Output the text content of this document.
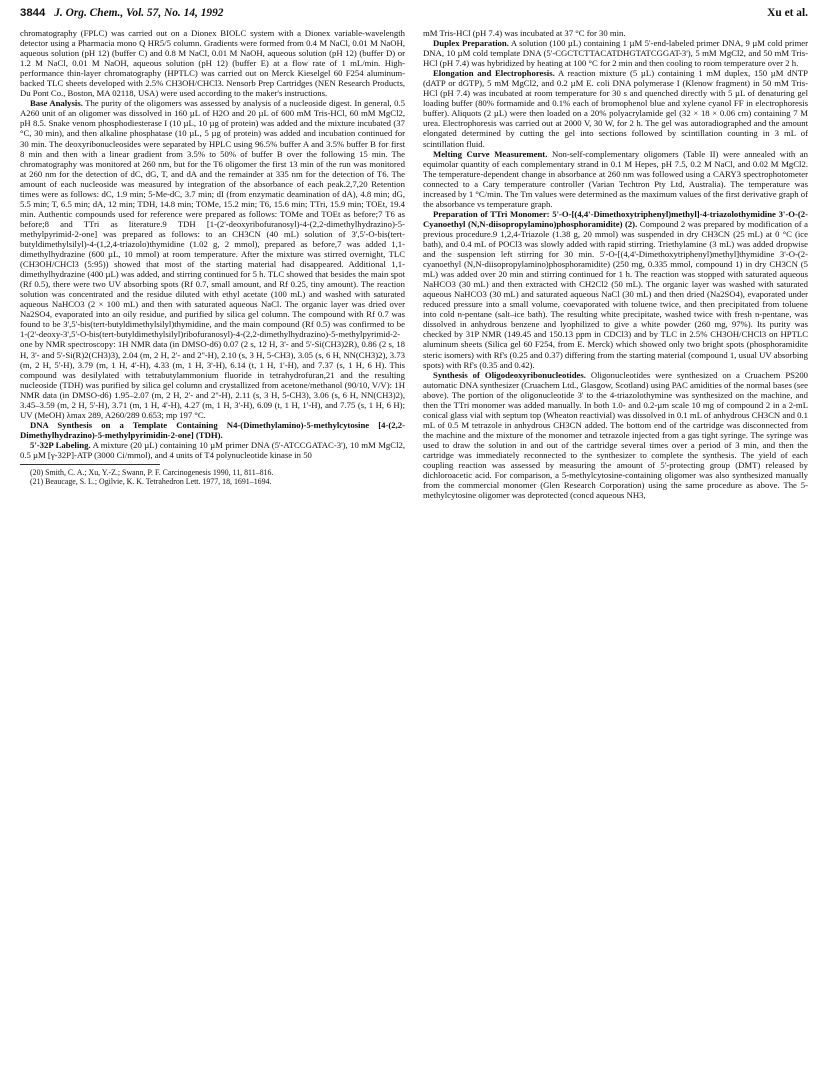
3844 J. Org. Chem., Vol. 57, No. 14, 1992	Xu et al.

chromatography (FPLC) was carried out on a Dionex BIOLC system with a Dionex variable-wavelength detector using a Pharmacia mono Q HR5/5 column. Gradients were formed from 0.4 M NaCl, 0.01 M NaOH, aqueous solution (pH 12) (buffer C) and 0.8 M NaCl, 0.01 M NaOH, aqueous solution (pH 12) (buffer D) or 1.2 M NaCl, 0.01 M NaOH, aqueous solution (pH 12) (buffer E) at a flow rate of 1 mL/min. High-performance thin-layer chromatography (HPTLC) was carried out on Merck Kieselgel 60 F254 aluminum-backed TLC sheets developed with 2.5% CH3OH/CHCl3. Nensorb Prep Cartridges (NEN Research Products, Du Pont Co., Boston, MA 02118, USA) were used according to the maker's instructions.

Base Analysis. The purity of the oligomers was assessed by analysis of a nucleoside digest. In general, 0.5 A260 unit of an oligomer was dissolved in 160 µL of H2O and 20 µL of 600 mM Tris-HCl, 60 mM MgCl2, pH 8.5. Snake venom phosphodiesterase I (10 µL, 10 µg of protein) was added and the mixture incubated (37 °C, 30 min), and then alkaline phosphatase (10 µL, 5 µg of protein) was added and incubation continued for 30 min. The deoxyribonucleosides were separated by HPLC using 96.5% buffer A and 3.5% buffer B for first 8 min and then with a linear gradient from 3.5% to 50% of buffer B over the following 15 min. The chromatography was monitored at 260 nm, but for the T6 oligomer the first 13 min of the run was monitored at 260 nm for the detection of dC, dG, T, and dA and the remainder at 335 nm for the detection of T6. The amount of each nucleoside was measured by integration of the absorbance of each peak.2,7,20 Retention times were as follows: dC, 1.9 min; 5-Me-dC, 3.7 min; dI (from enzymatic deamination of dA), 4.8 min; dG, 5.5 min; T, 6.5 min; dA, 12 min; TDH, 14.8 min; TOMe, 15.2 min; T6, 15.6 min; TTri, 15.9 min; TOEt, 19.4 min. Authentic compounds used for reference were prepared as follows: TOMe and TOEt as before;7 T6 as before;8 and TTri as literature.9 TDH [1-(2'-deoxyribofuranosyl)-4-(2,2-dimethylhydrazino)-5-methylpyrimid-2-one] was prepared as follows: to an CH3CN (40 mL) solution of 3',5'-O-bis(tert-butyldimethylsilyl)-4-(1,2,4-triazolo)thymidine (1.02 g, 2 mmol), prepared as before,7 was added 1,1-dimethylhydrazine (600 µL, 10 mmol) at room temperature. After the mixture was stirred overnight, TLC (CH3OH/CHCl3 (5:95)) showed that most of the starting material had disappeared. Additional 1,1-dimethylhydrazine (400 µL) was added, and stirring continued for 5 h. TLC showed that besides the main spot (Rf 0.5), there were two UV absorbing spots (Rf 0.7, small amount, and Rf 0.25, tiny amount). The reaction solution was concentrated and the residue diluted with ethyl acetate (100 mL) and washed with saturated aqueous NaHCO3 (2 × 100 mL) and then with saturated aqueous NaCl. The organic layer was dried over Na2SO4, evaporated into an oily residue, and purified by silica gel column. The compound with Rf 0.7 was found to be 3',5'-bis(tert-butyldimethylsilyl)thymidine, and the main compound (Rf 0.5) was confirmed to be 1-(2'-deoxy-3',5'-O-bis(tert-butyldimethylsilyl)ribofuranosyl)-4-(2,2-dimethylhydrazino)-5-methylpyrimid-2-one by NMR spectroscopy: 1H NMR data (in DMSO-d6) 0.07 (2 s, 12 H, 3'- and 5'-Si(CH3)2R), 0.86 (2 s, 18 H, 3'- and 5'-Si(R)2(CH3)3), 2.04 (m, 2 H, 2'- and 2''-H), 2.10 (s, 3 H, 5-CH3), 3.05 (s, 6 H, NN(CH3)2), 3.73 (m, 2 H, 5'-H), 3.79 (m, 1 H, 4'-H), 4.33 (m, 1 H, 3'-H), 6.14 (t, 1 H, 1'-H), and 7.37 (s, 1 H, 6 H). This compound was desilylated with tetrabutylammonium fluoride in tetrahydrofuran,21 and the resulting nucleoside (TDH) was purified by silica gel column and crystallized from acetone/methanol (90/10, V/V): 1H NMR data (in DMSO-d6) 1.95–2.07 (m, 2 H, 2'- and 2''-H), 2.11 (s, 3 H, 5-CH3), 3.06 (s, 6 H, NN(CH3)2), 3.45–3.59 (m, 2 H, 5'-H), 3.71 (m, 1 H, 4'-H), 4.27 (m, 1 H, 3'-H), 6.09 (t, 1 H, 1'-H), and 7.75 (s, 1 H, 6 H); UV (MeOH) λmax 289, A260/289 0.653; mp 197 °C.

DNA Synthesis on a Template Containing N4-(Dimethylamino)-5-methylcytosine [4-(2,2-Dimethylhydrazino)-5-methylpyrimidin-2-one] (TDH).

5'-32P Labeling. A mixture (20 µL) containing 10 µM primer DNA (5'-ATCCGATAC-3'), 10 mM MgCl2, 0.5 µM [γ-32P]-ATP (3000 Ci/mmol), and 4 units of T4 polynucleotide kinase in 50

(20) Smith, C. A.; Xu, Y.-Z.; Swann, P. F. Carcinogenesis 1990, 11, 811–816.
(21) Beaucage, S. L.; Ogilvie, K. K. Tetrahedron Lett. 1977, 18, 1691–1694.

mM Tris-HCl (pH 7.4) was incubated at 37 °C for 30 min.

Duplex Preparation. A solution (100 µL) containing 1 µM 5'-end-labeled primer DNA, 9 µM cold primer DNA, 10 µM cold template DNA (5'-CGCTCTTACATDHGTATCGGAT-3'), 5 mM MgCl2, and 50 mM Tris-HCl (pH 7.4) was hybridized by heating at 100 °C for 2 min and then cooling to room temperature over 2 h.

Elongation and Electrophoresis. A reaction mixture (5 µL) containing 1 mM duplex, 150 µM dNTP (dATP or dGTP), 5 mM MgCl2, and 0.2 µM E. coli DNA polymerase I (Klenow fragment) in 50 mM Tris-HCl (pH 7.4) was incubated at room temperature for 30 s and quenched directly with 5 µL of denaturing gel loading buffer (80% formamide and 0.1% each of bromophenol blue and xylene cyanol FF in electrophoresis buffer). Aliquots (2 µL) were then loaded on a 20% polyacrylamide gel (32 × 18 × 0.06 cm) containing 7 M urea. Electrophoresis was carried out at 2000 V, 30 W, for 2 h. The gel was autoradiographed and the amount elongated determined by cutting the gel into sections followed by scintillation counting in 3 mL of scintillation fluid.

Melting Curve Measurement. Non-self-complementary oligomers (Table II) were annealed with an equimolar quantity of each complementary strand in 0.1 M Hepes, pH 7.5, 0.2 M NaCl, and 0.02 M MgCl2. The temperature-dependent change in absorbance at 260 nm was followed using a CARY3 spectrophotometer connected to a Cary temperature controller (Varian Techtron Pty Ltd, Australia). The temperature was increased by 1 °C/min. The Tm values were determined as the maximum values of the first derivative graph of the absorbance vs temperature graph.

Preparation of TTri Monomer: 5'-O-[(4,4'-Dimethoxytriphenyl)methyl]-4-triazolothymidine 3'-O-(2-Cyanoethyl (N,N-diisopropylamino)phosphoramidite) (2). Compound 2 was prepared by modification of a previous procedure.9 1,2,4-Triazole (1.38 g, 20 mmol) was suspended in dry CH3CN (25 mL) at 0 °C (ice bath), and 0.4 mL of POCl3 was slowly added with rapid stirring. Triethylamine (3 mL) was added dropwise and the suspension left stirring for 30 min. 5'-O-[(4,4'-Dimethoxytriphenyl)methyl]thymidine 3'-O-(2-cyanoethyl (N,N-diisopropylamino)phosphoramidite) (250 mg, 0.335 mmol, compound 1) in dry CH3CN (5 mL) was added over 20 min and stirring continued for 1 h. The reaction was stopped with saturated aqueous NaHCO3 (30 mL) and then extracted with CH2Cl2 (50 mL). The organic layer was washed with saturated aqueous NaHCO3 (30 mL) and saturated aqueous NaCl (30 mL) and then dried (Na2SO4), evaporated under reduced pressure into a small volume, coevaporated with toluene twice, and then precipitated from toluene into cold n-pentane (salt–ice bath). The resulting white precipitate, washed twice with fresh n-pentane, was dissolved in anhydrous benzene and lyophilized to give a white powder (260 mg, 97%). Its purity was checked by 31P NMR (149.45 and 150.13 ppm in CDCl3) and by TLC in 2.5% CH3OH/CHCl3 on HPTLC aluminum sheets (Silica gel 60 F254, from E. Merck) which showed only two bright spots (phosphoramidite steric isomers) with Rf's (0.25 and 0.37) differing from the starting material (compound 1, usual UV absorbing spots) with Rf's (0.35 and 0.42).

Synthesis of Oligodeoxyribonucleotides. Oligonucleotides were synthesized on a Cruachem PS200 automatic DNA synthesizer (Cruachem Ltd., Glasgow, Scotland) using PAC amidities of the normal bases (see above). The portion of the oligonucleotide 3' to the 4-triazolothymine was synthesized on the machine, and then the TTri monomer was added manually. In both 1.0- and 0.2-µm scale 10 mg of compound 2 in a 2-mL conical glass vial with septum top (Wheaton reactivial) was dissolved in 0.1 mL of anhydrous CH3CN and 0.1 mL of 0.5 M tetrazole in anhydrous CH3CN added. The bottom end of the cartridge was disconnected from the machine and the mixture of the monomer and tetrazole injected from a gas tight syringe. The syringe was used to draw the solution in and out of the cartridge several times over a period of 3 min, and then the cartridge was immediately reconnected to the synthesizer to complete the synthesis. The yield of each coupling reaction was assessed by measuring the amount of 5'-protecting group (DMT) released by dichloroacetic acid. For comparison, a 5-methylcytosine-containing oligomer was also synthesized manually from the commercial monomer (Glen Research Corporation) using the same procedure as above. The 5-methylcytosine oligomer was deprotected (concd aqueous NH3,
